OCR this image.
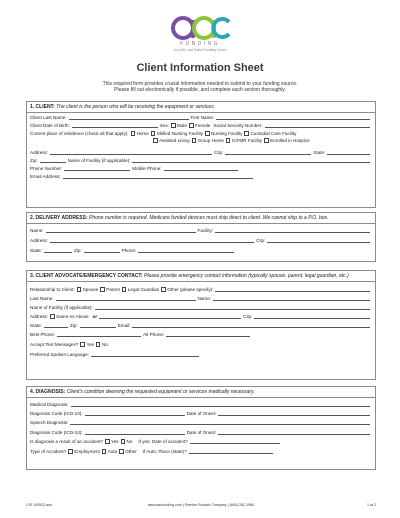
FUNDING
Your AAC and Switch Funding Source
Client Information Sheet
This required form provides crucial information needed to submit to your funding source.
Please fill out electronically if possible, and complete each section thoroughly.
1. CLIENT: The client is the person who will be receiving the equipment or services.
Client Last Name:	First Name:
Client Date of Birth:	Sex: Male Female Social Security Number:
Current place of residence (check all that apply): Home Skilled Nursing Facility Nursing Facility Custodial Care Facility
Assisted Living Group Home ICFMR Facility Enrolled in Hospice
Address:	City:	State:
Zip:	Name of Facility (if applicable):
Phone Number:	Mobile Phone:
Email Address:
2. DELIVERY ADDRESS: Phone number is required. Medicare funded devices must ship direct to client. We cannot ship to a P.O. box.
Name:	Facility:
Address:	City:
State:	Zip:	Phone:
3. CLIENT ADVOCATE/EMERGENCY CONTACT: Please provide emergency contact information (typically spouse, parent, legal guardian, etc.)
Relationship to Client: Spouse Parent Legal Guardian Other (please specify):
Last Name:	Name:
Name of Facility (if applicable):
Address: Same As Above or	City:
State:	Zip:	Email:
Best Phone:	Alt Phone:
Accept Text Messages? Yes No
Preferred Spoken Language:
4. DIAGNOSIS: Client's condition deeming the requested equipment or services medically necessary.
Medical Diagnosis:
Diagnosis Code (ICD-10):	Date of Onset:
Speech Diagnosis:
Diagnosis Code (ICD-10):	Date of Onset:
Is diagnosis a result of an accident? Yes No If yes: Date of accident?
Type of Accident? Employment Auto Other If Auto: Place (state)?
CIS 100522.adn	www.aacfunding.com | Prentke Romich Company | (800) 262-1984	1 of 2
